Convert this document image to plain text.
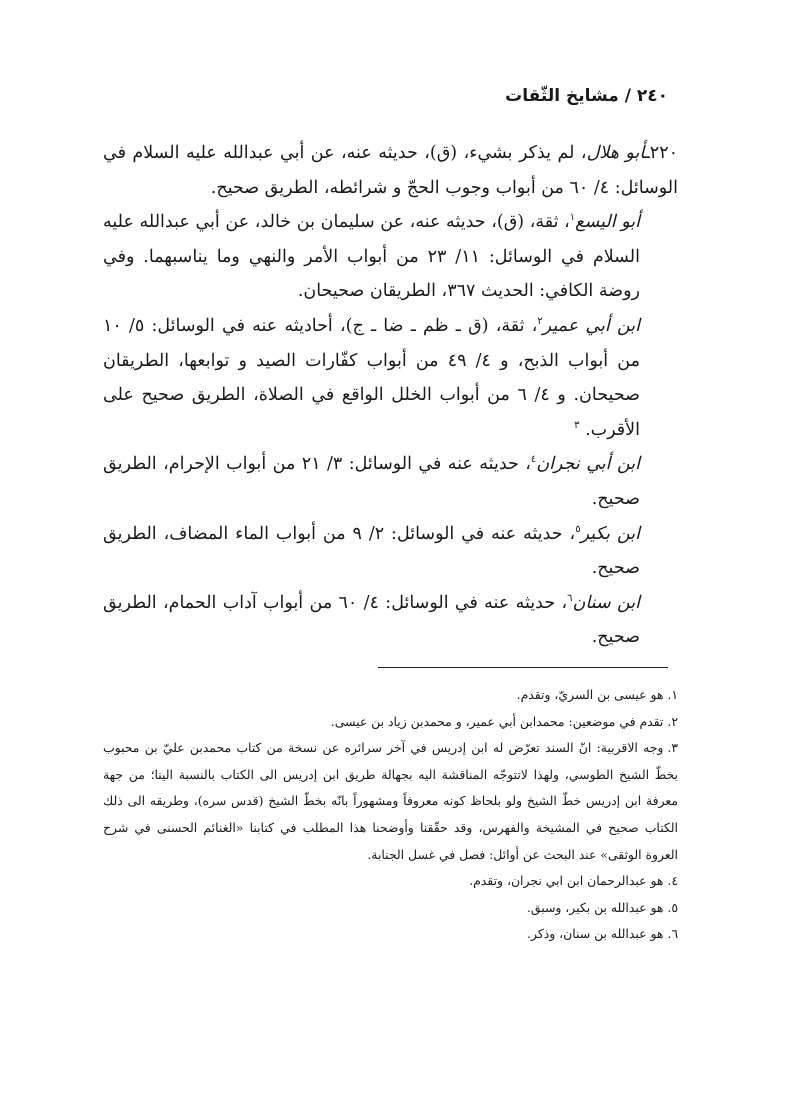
٢٤٠ / مشايخ الثّقات

٢٢٠ـأبو هلال، لم يذكر بشيء، (ق)، حديثه عنه، عن أبي عبدالله عليه السلام في الوسائل: ٤/ ٦٠ من أبواب وجوب الحجّ و شرائطه، الطريق صحيح.

أبو اليسع$^١$، ثقة، (ق)، حديثه عنه، عن سليمان بن خالد، عن أبي عبدالله عليه السلام في الوسائل: ١١/ ٢٣ من أبواب الأمر والنهي وما يناسبهما. وفي روضة الكافي: الحديث ٣٦٧، الطريقان صحيحان.

ابن أبي عمير$^٢$، ثقة، (ق ـ ظم ـ ضا ـ ج)، أحاديثه عنه في الوسائل: ٥/ ١٠ من أبواب الذبح، و ٤/ ٤٩ من أبواب كفّارات الصيد و توابعها، الطريقان صحيحان. و ٤/ ٦ من أبواب الخلل الواقع في الصلاة، الطريق صحيح على الأقرب. $^٣$

ابن أبي نجران$^٤$، حديثه عنه في الوسائل: ٣/ ٢١ من أبواب الإحرام، الطريق صحيح.

ابن بكير$^٥$، حديثه عنه في الوسائل: ٢/ ٩ من أبواب الماء المضاف، الطريق صحيح.

ابن سنان$^٦$، حديثه عنه في الوسائل: ٤/ ٦٠ من أبواب آداب الحمام، الطريق صحيح.

١.هو عيسى بن السريّ، وتقدم.

٢.تقدم في موضعين: محمدابن أبي عمير، و محمدبن زياد بن عيسى.

٣.وجه الاقربية: انّ السند تعرّض له ابن إدريس في آخر سرائره عن نسخة من كتاب محمدبن عليّ بن محبوب بخطّ الشيخ الطوسي، ولهذا لاتتوجّه المناقشة اليه بجهالة طريق ابن إدريس الى الكتاب بالنسبة الينا؛ من جهة معرفة ابن إدريس خطّ الشيخ ولو بلحاظ كونه معروفاً ومشهوراً بانّه بخطّ الشيخ (قدس سره)، وطريقه الى ذلك الكتاب صحيح في المشيخة والفهرس، وقد حقّقنا وأوضحنا هذا المطلب في كتابنا «الغنائم الحسنى في شرح العروة الوثقى» عند البحث عن أوائل: فصل في غسل الجنابة.

٤.هو عبدالرحمان ابن ابي نجران، وتقدم.

٥.هو عبدالله بن بكير، وسبق.

٦.هو عبدالله بن سنان، وذكر.
